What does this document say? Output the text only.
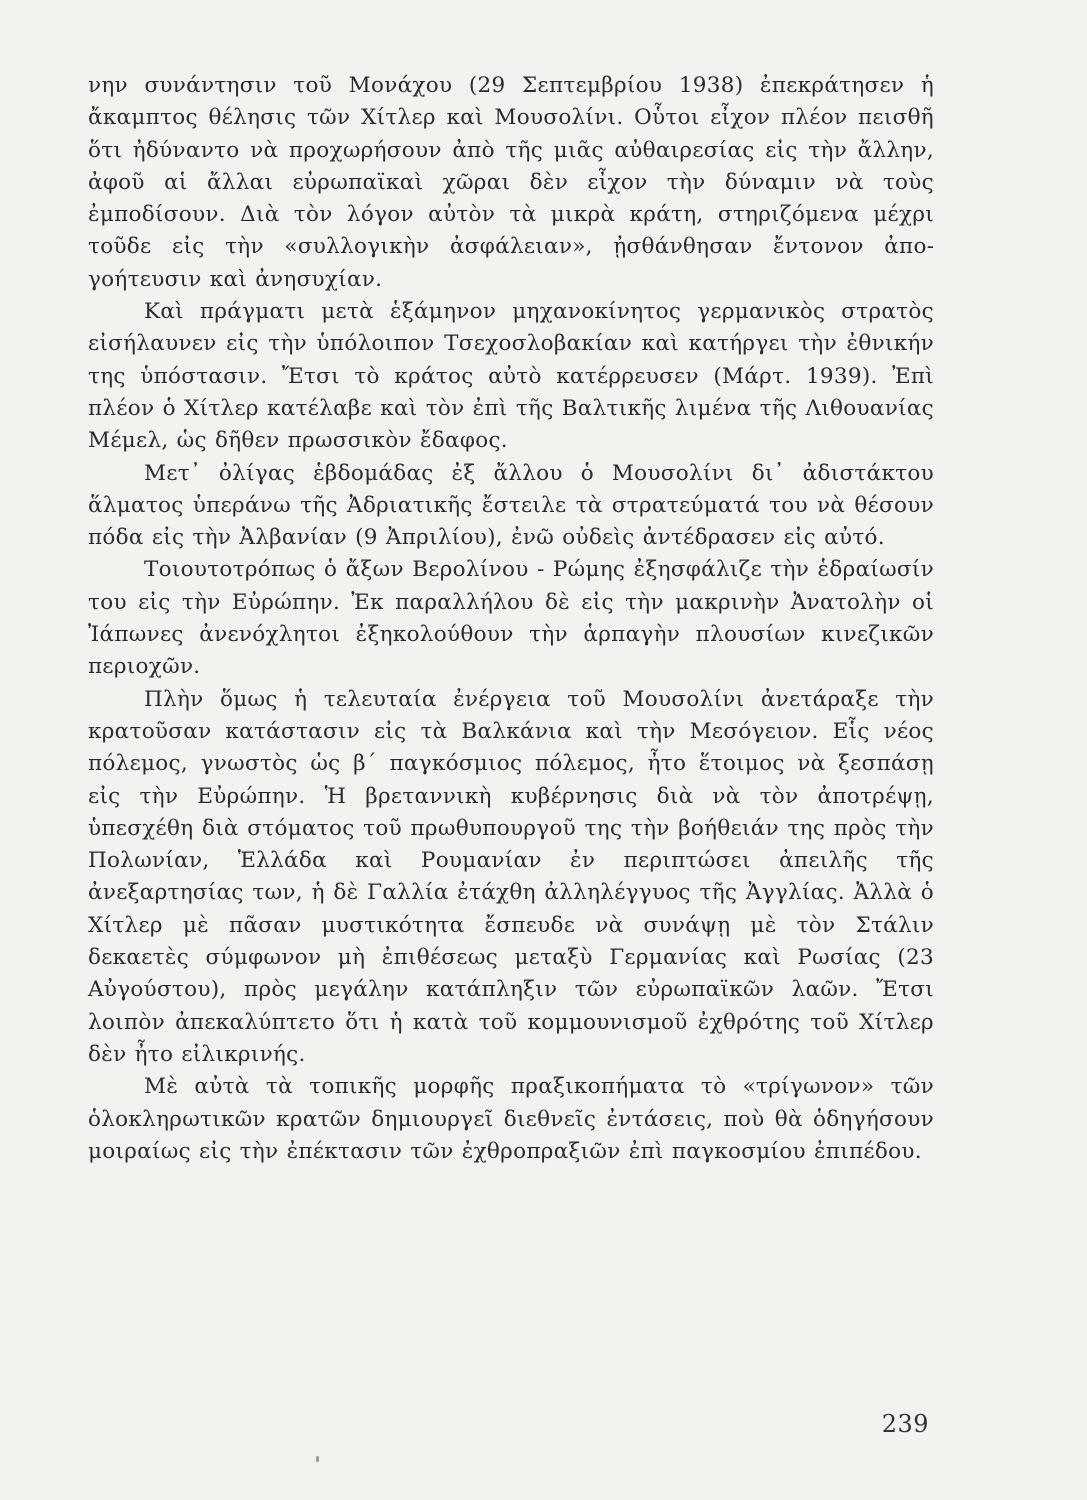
νην συνάντησιν τοῦ Μονάχου (29 Σεπτεμβρίου 1938) ἐπεκράτησεν ἡ ἄκαμπτος θέλησις τῶν Χίτλερ καὶ Μουσολίνι. Οὗτοι εἶχον πλέον πεισθῆ ὅτι ἠδύναντο νὰ προχωρήσουν ἀπὸ τῆς μιᾶς αὐθαιρεσίας εἰς τὴν ἄλλην, ἀφοῦ αἱ ἄλλαι εὐρωπαϊκαὶ χῶραι δὲν εἶχον τὴν δύναμιν νὰ τοὺς ἐμποδίσουν. Διὰ τὸν λόγον αὐτὸν τὰ μικρὰ κράτη, στηριζόμενα μέχρι τοῦδε εἰς τὴν «συλλογικὴν ἀσφάλειαν», ᾐσθάνθησαν ἔντονον ἀπογοήτευσιν καὶ ἀνησυχίαν.

Καὶ πράγματι μετὰ ἑξάμηνον μηχανοκίνητος γερμανικὸς στρατὸς εἰσήλαυνεν εἰς τὴν ὑπόλοιπον Τσεχοσλοβακίαν καὶ κατήργει τὴν ἐθνικήν της ὑπόστασιν. Ἔτσι τὸ κράτος αὐτὸ κατέρρευσεν (Μάρτ. 1939). Ἐπὶ πλέον ὁ Χίτλερ κατέλαβε καὶ τὸν ἐπὶ τῆς Βαλτικῆς λιμένα τῆς Λιθουανίας Μέμελ, ὡς δῆθεν πρωσσικὸν ἔδαφος.

Μετ᾿ ὀλίγας ἑβδομάδας ἐξ ἄλλου ὁ Μουσολίνι δι᾿ ἀδιστάκτου ἅλματος ὑπεράνω τῆς Ἀδριατικῆς ἔστειλε τὰ στρατεύματά του νὰ θέσουν πόδα εἰς τὴν Ἀλβανίαν (9 Ἀπριλίου), ἐνῶ οὐδεὶς ἀντέδρασεν εἰς αὐτό.

Τοιουτοτρόπως ὁ ἄξων Βερολίνου - Ρώμης ἐξησφάλιζε τὴν ἑδραίωσίν του εἰς τὴν Εὐρώπην. Ἐκ παραλλήλου δὲ εἰς τὴν μακρινὴν Ἀνατολὴν οἱ Ἰάπωνες ἀνενόχλητοι ἐξηκολούθουν τὴν ἁρπαγὴν πλουσίων κινεζικῶν περιοχῶν.

Πλὴν ὅμως ἡ τελευταία ἐνέργεια τοῦ Μουσολίνι ἀνετάραξε τὴν κρατοῦσαν κατάστασιν εἰς τὰ Βαλκάνια καὶ τὴν Μεσόγειον. Εἷς νέος πόλεμος, γνωστὸς ὡς β΄ παγκόσμιος πόλεμος, ἦτο ἕτοιμος νὰ ξεσπάσῃ εἰς τὴν Εὐρώπην. Ἡ βρεταννικὴ κυβέρνησις διὰ νὰ τὸν ἀποτρέψῃ, ὑπεσχέθη διὰ στόματος τοῦ πρωθυπουργοῦ της τὴν βοήθειάν της πρὸς τὴν Πολωνίαν, Ἑλλάδα καὶ Ρουμανίαν ἐν περιπτώσει ἀπειλῆς τῆς ἀνεξαρτησίας των, ἡ δὲ Γαλλία ἐτάχθη ἀλληλέγγυος τῆς Ἀγγλίας. Ἀλλὰ ὁ Χίτλερ μὲ πᾶσαν μυστικότητα ἔσπευδε νὰ συνάψῃ μὲ τὸν Στάλιν δεκαετὲς σύμφωνον μὴ ἐπιθέσεως μεταξὺ Γερμανίας καὶ Ρωσίας (23 Αὐγούστου), πρὸς μεγάλην κατάπληξιν τῶν εὐρωπαϊκῶν λαῶν. Ἔτσι λοιπὸν ἀπεκαλύπτετο ὅτι ἡ κατὰ τοῦ κομμουνισμοῦ ἐχθρότης τοῦ Χίτλερ δὲν ἦτο εἰλικρινής.

Μὲ αὐτὰ τὰ τοπικῆς μορφῆς πραξικοπήματα τὸ «τρίγωνον» τῶν ὁλοκληρωτικῶν κρατῶν δημιουργεῖ διεθνεῖς ἐντάσεις, ποὺ θὰ ὁδηγήσουν μοιραίως εἰς τὴν ἐπέκτασιν τῶν ἐχθροπραξιῶν ἐπὶ παγκοσμίου ἐπιπέδου.

239
